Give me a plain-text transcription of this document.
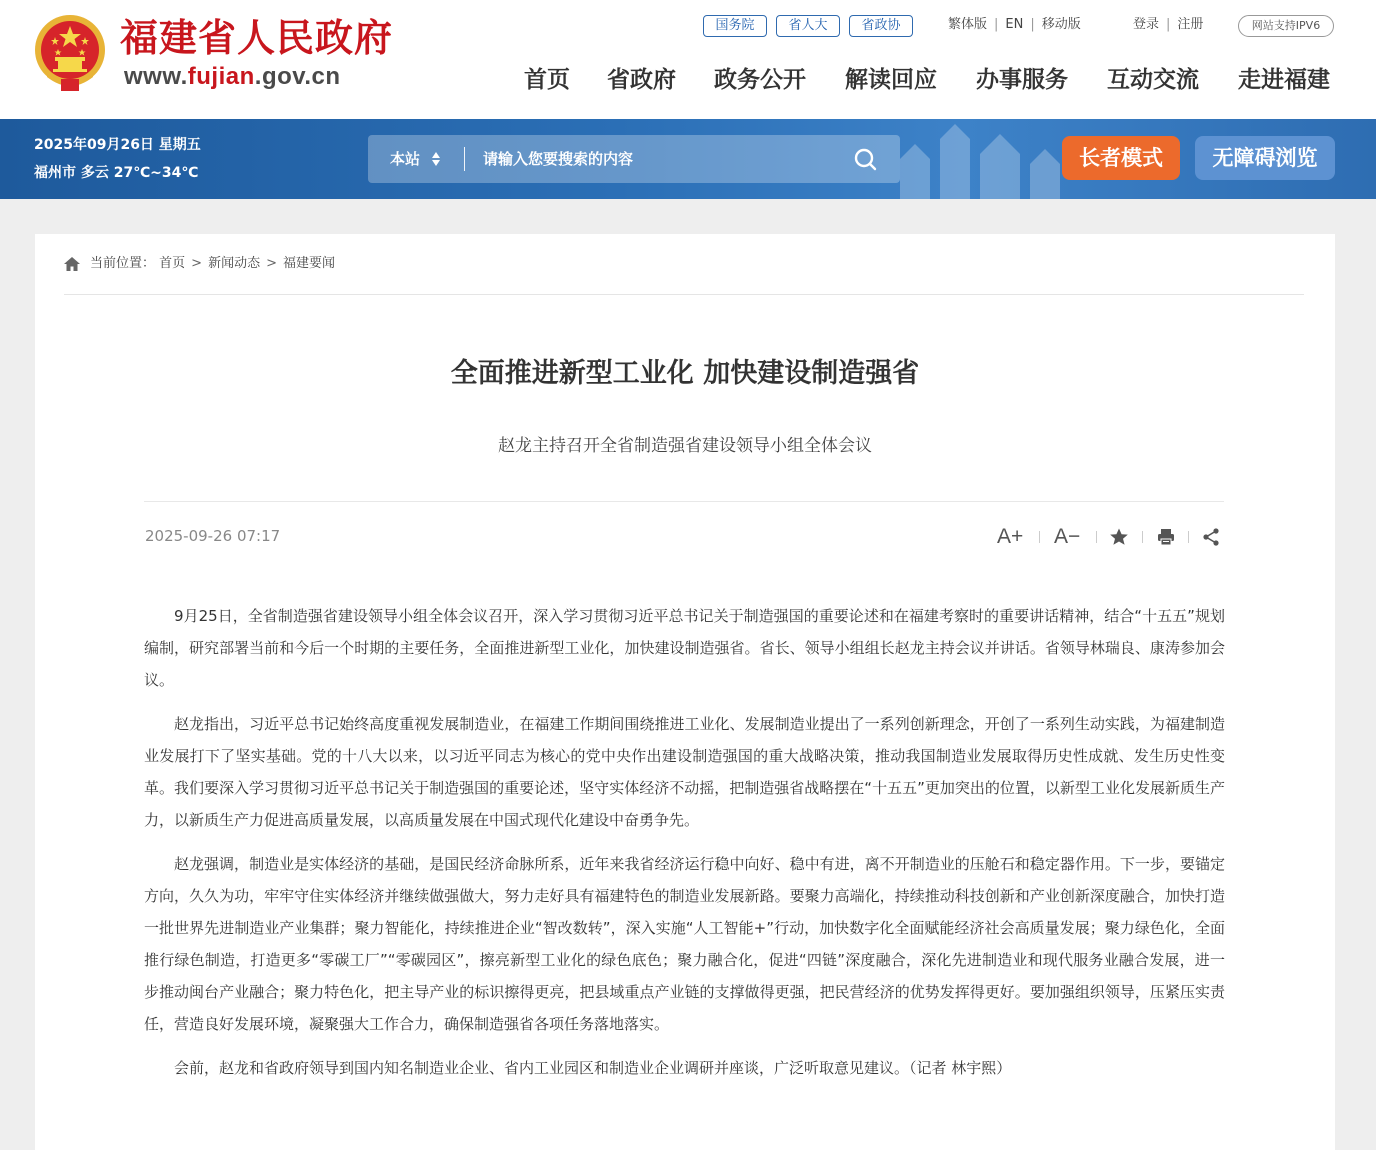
福建省人民政府
www.fujian.gov.cn
国务院	省人大	省政协	繁体版 | EN | 移动版	登录 | 注册	网站支持IPV6
首页 省政府 政务公开 解读回应 办事服务 互动交流 走进福建
2025年09月26日 星期五
福州市 多云 27℃~34℃
本站
请输入您要搜索的内容	长者模式	无障碍浏览
当前位置： 首页 > 新闻动态 > 福建要闻
全面推进新型工业化 加快建设制造强省
赵龙主持召开全省制造强省建设领导小组全体会议
2025-09-26 07:17	A+ A−

9月25日，全省制造强省建设领导小组全体会议召开，深入学习贯彻习近平总书记关于制造强国的重要论述和在福建考察时的重要讲话精神，结合“十五五”规划编制，研究部署当前和今后一个时期的主要任务，全面推进新型工业化，加快建设制造强省。省长、领导小组组长赵龙主持会议并讲话。省领导林瑞良、康涛参加会议。

赵龙指出，习近平总书记始终高度重视发展制造业，在福建工作期间围绕推进工业化、发展制造业提出了一系列创新理念，开创了一系列生动实践，为福建制造业发展打下了坚实基础。党的十八大以来，以习近平同志为核心的党中央作出建设制造强国的重大战略决策，推动我国制造业发展取得历史性成就、发生历史性变革。我们要深入学习贯彻习近平总书记关于制造强国的重要论述，坚守实体经济不动摇，把制造强省战略摆在“十五五”更加突出的位置，以新型工业化发展新质生产力，以新质生产力促进高质量发展，以高质量发展在中国式现代化建设中奋勇争先。

赵龙强调，制造业是实体经济的基础，是国民经济命脉所系，近年来我省经济运行稳中向好、稳中有进，离不开制造业的压舱石和稳定器作用。下一步，要锚定方向，久久为功，牢牢守住实体经济并继续做强做大，努力走好具有福建特色的制造业发展新路。要聚力高端化，持续推动科技创新和产业创新深度融合，加快打造一批世界先进制造业产业集群；聚力智能化，持续推进企业“智改数转”，深入实施“人工智能+”行动，加快数字化全面赋能经济社会高质量发展；聚力绿色化，全面推行绿色制造，打造更多“零碳工厂”“零碳园区”，擦亮新型工业化的绿色底色；聚力融合化，促进“四链”深度融合，深化先进制造业和现代服务业融合发展，进一步推动闽台产业融合；聚力特色化，把主导产业的标识擦得更亮，把县域重点产业链的支撑做得更强，把民营经济的优势发挥得更好。要加强组织领导，压紧压实责任，营造良好发展环境，凝聚强大工作合力，确保制造强省各项任务落地落实。

会前，赵龙和省政府领导到国内知名制造业企业、省内工业园区和制造业企业调研并座谈，广泛听取意见建议。（记者 林宇熙）
